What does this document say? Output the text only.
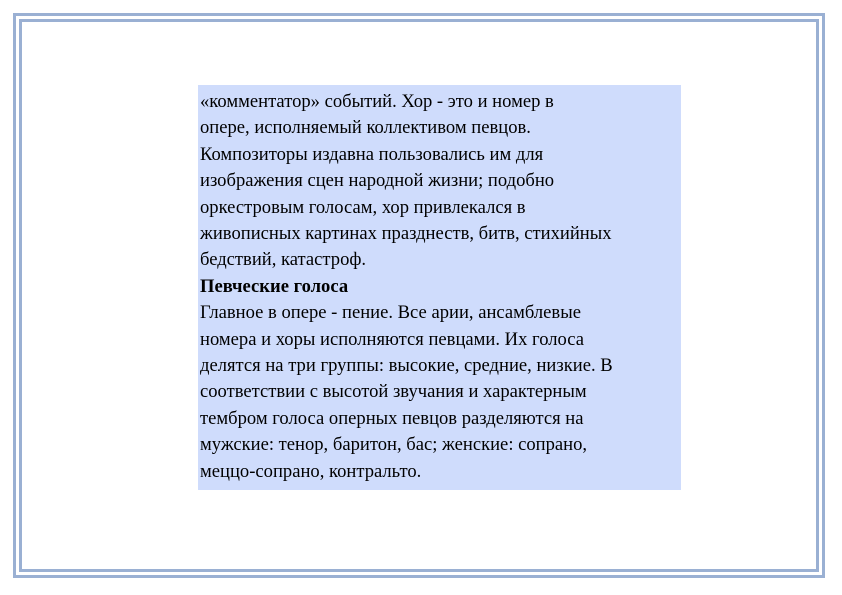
«комментатор» событий. Хор - это и номер в

опере, исполняемый коллективом певцов.

Композиторы издавна пользовались им для

изображения сцен народной жизни; подобно

оркестровым голосам, хор привлекался в

живописных картинах празднеств, битв, стихийных

бедствий, катастроф.

Певческие голоса

Главное в опере - пение. Все арии, ансамблевые

номера и хоры исполняются певцами. Их голоса

делятся на три группы: высокие, средние, низкие. В

соответствии с высотой звучания и характерным

тембром голоса оперных певцов разделяются на

мужские: тенор, баритон, бас; женские: сопрано,

меццо-сопрано, контральто.
